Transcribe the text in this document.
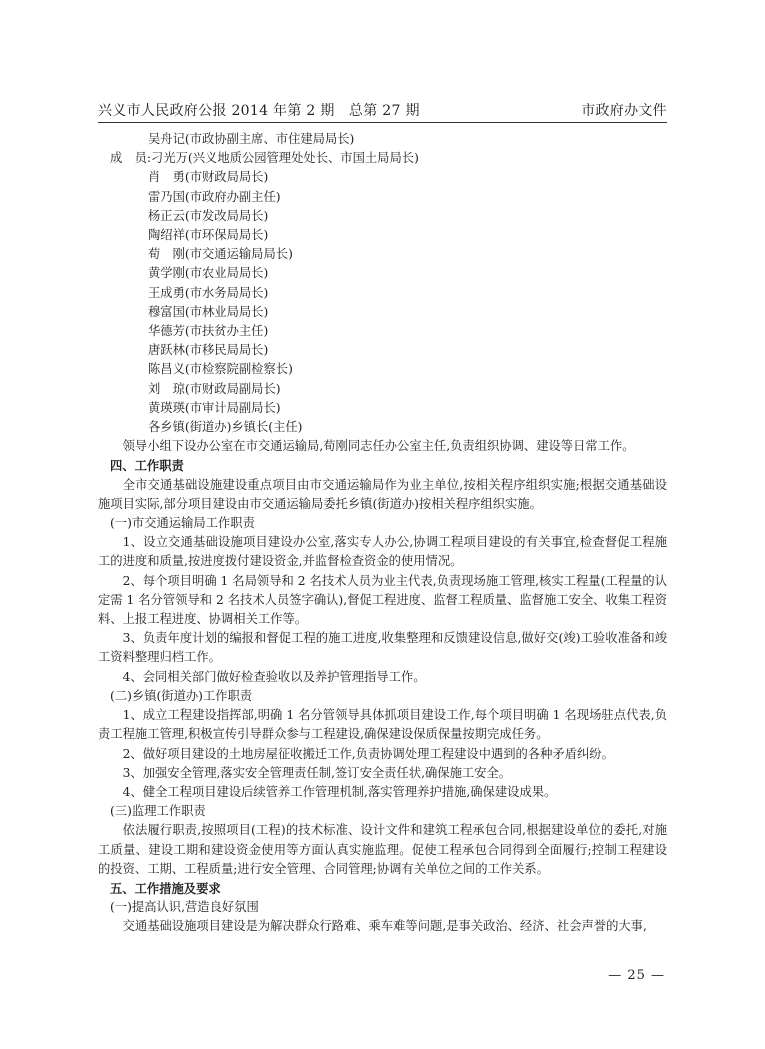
兴义市人民政府公报 2014 年第 2 期　总第 27 期	市政府办文件
吴舟记(市政协副主席、市住建局局长)
成　员:刁光万(兴义地质公园管理处处长、市国土局局长)
肖　勇(市财政局局长)
雷乃国(市政府办副主任)
杨正云(市发改局局长)
陶绍祥(市环保局局长)
荀　刚(市交通运输局局长)
黄学刚(市农业局局长)
王成勇(市水务局局长)
穆富国(市林业局局长)
华德芳(市扶贫办主任)
唐跃林(市移民局局长)
陈昌义(市检察院副检察长)
刘　琼(市财政局副局长)
黄瑛瑛(市审计局副局长)
各乡镇(街道办)乡镇长(主任)
领导小组下设办公室在市交通运输局,荀刚同志任办公室主任,负责组织协调、建设等日常工作。
四、工作职责
全市交通基础设施建设重点项目由市交通运输局作为业主单位,按相关程序组织实施;根据交通基础设施项目实际,部分项目建设由市交通运输局委托乡镇(街道办)按相关程序组织实施。
(一)市交通运输局工作职责
1、设立交通基础设施项目建设办公室,落实专人办公,协调工程项目建设的有关事宜,检查督促工程施工的进度和质量,按进度拨付建设资金,并监督检查资金的使用情况。
2、每个项目明确 1 名局领导和 2 名技术人员为业主代表,负责现场施工管理,核实工程量(工程量的认定需 1 名分管领导和 2 名技术人员签字确认),督促工程进度、监督工程质量、监督施工安全、收集工程资料、上报工程进度、协调相关工作等。
3、负责年度计划的编报和督促工程的施工进度,收集整理和反馈建设信息,做好交(竣)工验收准备和竣工资料整理归档工作。
4、会同相关部门做好检查验收以及养护管理指导工作。
(二)乡镇(街道办)工作职责
1、成立工程建设指挥部,明确 1 名分管领导具体抓项目建设工作,每个项目明确 1 名现场驻点代表,负责工程施工管理,积极宣传引导群众参与工程建设,确保建设保质保量按期完成任务。
2、做好项目建设的土地房屋征收搬迁工作,负责协调处理工程建设中遇到的各种矛盾纠纷。
3、加强安全管理,落实安全管理责任制,签订安全责任状,确保施工安全。
4、健全工程项目建设后续管养工作管理机制,落实管理养护措施,确保建设成果。
(三)监理工作职责
依法履行职责,按照项目(工程)的技术标准、设计文件和建筑工程承包合同,根据建设单位的委托,对施工质量、建设工期和建设资金使用等方面认真实施监理。促使工程承包合同得到全面履行;控制工程建设的投资、工期、工程质量;进行安全管理、合同管理;协调有关单位之间的工作关系。
五、工作措施及要求
(一)提高认识,营造良好氛围
交通基础设施项目建设是为解决群众行路难、乘车难等问题,是事关政治、经济、社会声誉的大事,
— 25 —
